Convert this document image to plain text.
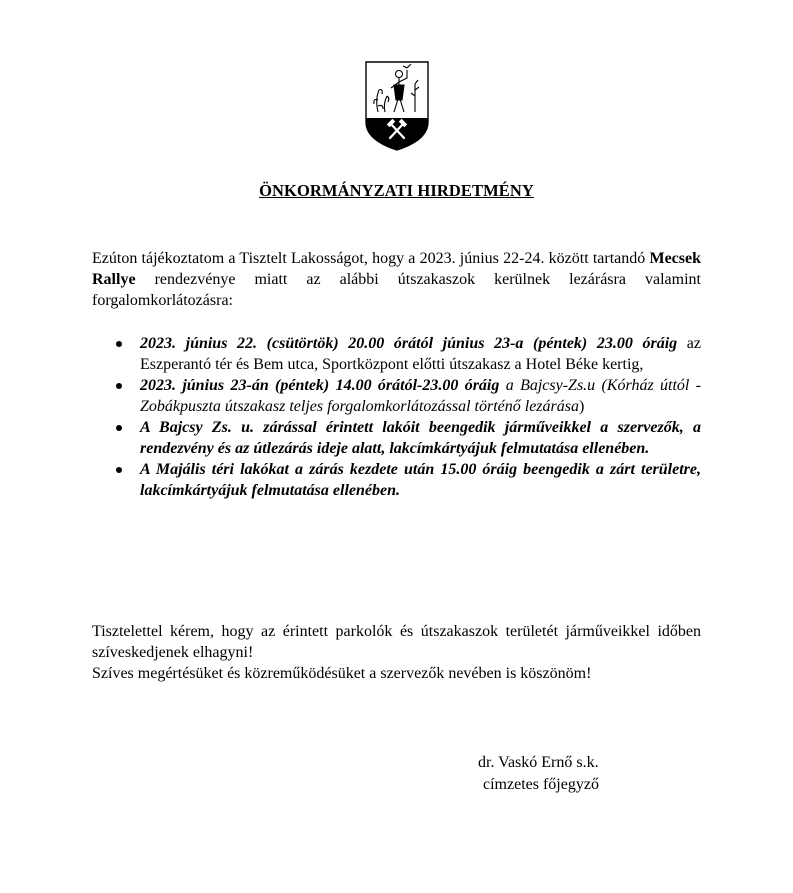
ÖNKORMÁNYZATI HIRDETMÉNY

Ezúton tájékoztatom a Tisztelt Lakosságot, hogy a 2023. június 22-24. között tartandó Mecsek Rallye rendezvénye miatt az alábbi útszakaszok kerülnek lezárásra valamint forgalomkorlátozásra:

2023. június 22. (csütörtök) 20.00 órától június 23-a (péntek) 23.00 óráig az Eszperantó tér és Bem utca, Sportközpont előtti útszakasz a Hotel Béke kertig,
2023. június 23-án (péntek) 14.00 órától-23.00 óráig a Bajcsy-Zs.u (Kórház úttól -Zobákpuszta útszakasz teljes forgalomkorlátozással történő lezárása)
A Bajcsy Zs. u. zárással érintett lakóit beengedik járműveikkel a szervezők, a rendezvény és az útlezárás ideje alatt, lakcímkártyájuk felmutatása ellenében.
A Majális téri lakókat a zárás kezdete után 15.00 óráig beengedik a zárt területre, lakcímkártyájuk felmutatása ellenében.
Tisztelettel kérem, hogy az érintett parkolók és útszakaszok területét járműveikkel időben szíveskedjenek elhagyni!
Szíves megértésüket és közreműködésüket a szervezők nevében is köszönöm!
dr. Vaskó Ernő s.k.
címzetes főjegyző
